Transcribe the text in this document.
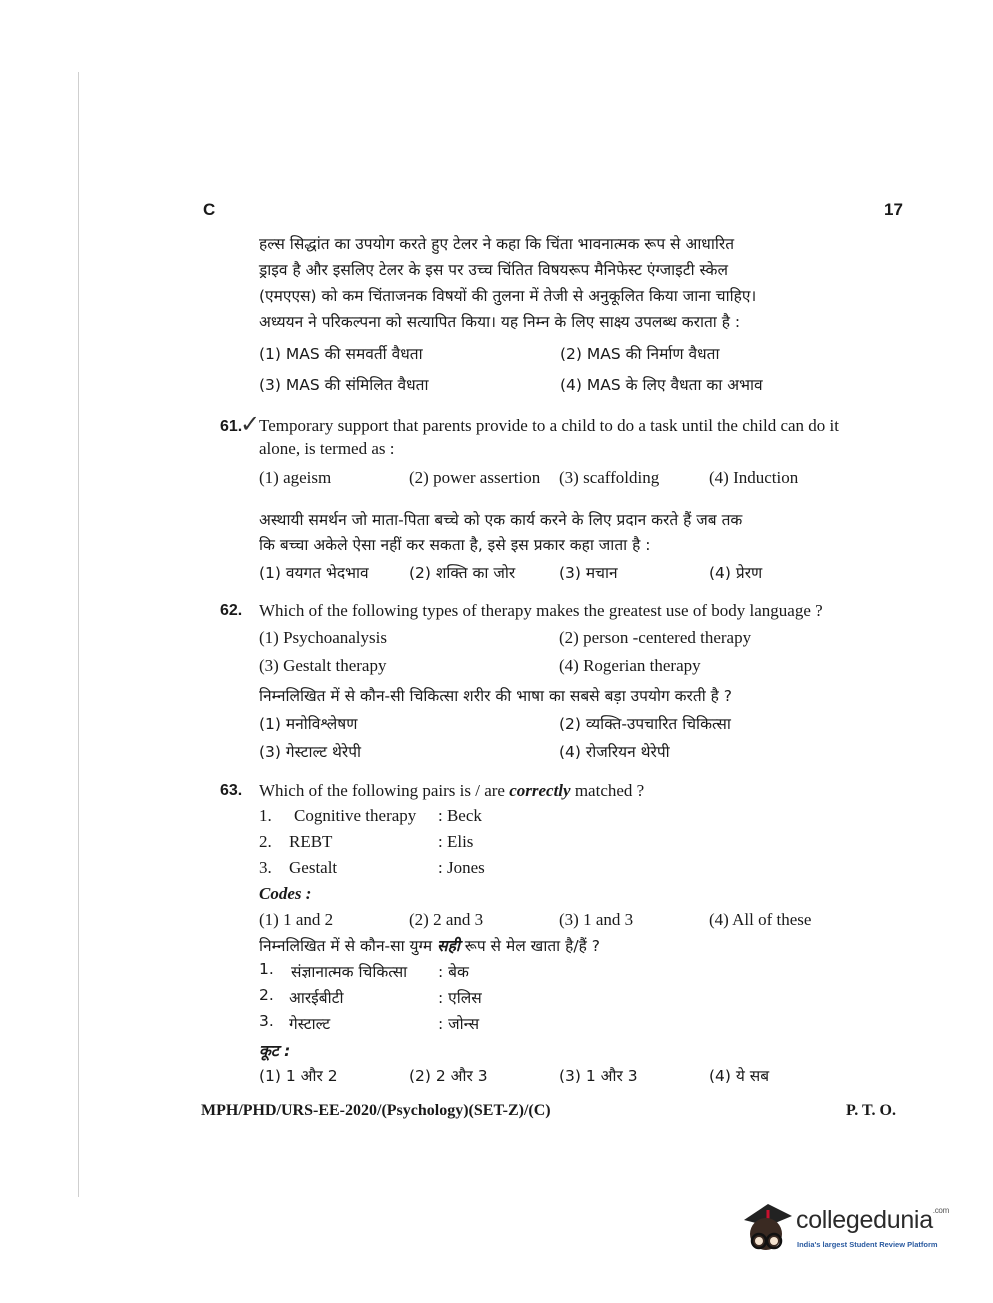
C	17
हल्स सिद्धांत का उपयोग करते हुए टेलर ने कहा कि चिंता भावनात्मक रूप से आधारित
ड्राइव है और इसलिए टेलर के इस पर उच्च चिंतित विषयरूप मैनिफेस्ट एंग्जाइटी स्केल
(एमएएस) को कम चिंताजनक विषयों की तुलना में तेजी से अनुकूलित किया जाना चाहिए।
अध्ययन ने परिकल्पना को सत्यापित किया। यह निम्न के लिए साक्ष्य उपलब्ध कराता है :
(1) MAS की समवर्ती वैधता	(2) MAS की निर्माण वैधता
(3) MAS की संमिलित वैधता	(4) MAS के लिए वैधता का अभाव
61.
✓
Temporary support that parents provide to a child to do a task until the child can do it
alone, is termed as :
(1) ageism	(2) power assertion (3) scaffolding	(4) Induction
अस्थायी समर्थन जो माता-पिता बच्चे को एक कार्य करने के लिए प्रदान करते हैं जब तक
कि बच्चा अकेले ऐसा नहीं कर सकता है, इसे इस प्रकार कहा जाता है :
(1) वयगत भेदभाव	(2) शक्ति का जोर	(3) मचान	(4) प्रेरण
62. Which of the following types of therapy makes the greatest use of body language ?
(1) Psychoanalysis	(2) person -centered therapy
(3) Gestalt therapy	(4) Rogerian therapy
निम्नलिखित में से कौन-सी चिकित्सा शरीर की भाषा का सबसे बड़ा उपयोग करती है ?
(1) मनोविश्लेषण	(2) व्यक्ति-उपचारित चिकित्सा
(3) गेस्टाल्ट थेरेपी	(4) रोजरियन थेरेपी
63. Which of the following pairs is / are correctly matched ?
1. Cognitive therapy : Beck
2. REBT	: Elis
3. Gestalt	: Jones
Codes :
(1) 1 and 2	(2) 2 and 3	(3) 1 and 3	(4) All of these
निम्नलिखित में से कौन-सा युग्म सही रूप से मेल खाता है/हैं ?
1. संज्ञानात्मक चिकित्सा : बेक
2. आरईबीटी	: एलिस
3. गेस्टाल्ट	: जोन्स
कूट :
(1) 1 और 2	(2) 2 और 3	(3) 1 और 3	(4) ये सब
MPH/PHD/URS-EE-2020/(Psychology)(SET-Z)/(C)	P. T. O.
collegedunia$^{.com}$
India's largest Student Review Platform
